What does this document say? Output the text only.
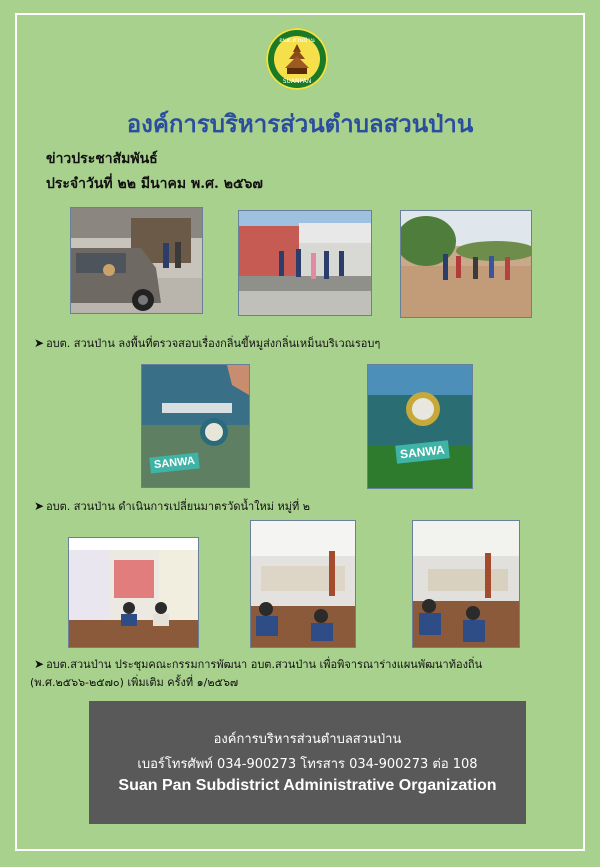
อบต.สวนป่าน
SUANPAN
องค์การบริหารส่วนตำบลสวนป่าน
ข่าวประชาสัมพันธ์
ประจำวันที่ ๒๒ มีนาคม พ.ศ. ๒๕๖๗
➤ อบต. สวนป่าน ลงพื้นที่ตรวจสอบเรื่องกลิ่นขี้หมูส่งกลิ่นเหม็นบริเวณรอบๆ
SANWA
SANWA
➤ อบต. สวนป่าน ดำเนินการเปลี่ยนมาตรวัดน้ำใหม่ หมู่ที่ ๒
➤ อบต.สวนป่าน ประชุมคณะกรรมการพัฒนา อบต.สวนป่าน เพื่อพิจารณาร่างแผนพัฒนาท้องถิ่น
(พ.ศ.๒๕๖๖-๒๕๗๐) เพิ่มเติม ครั้งที่ ๑/๒๕๖๗
องค์การบริหารส่วนตำบลสวนป่าน
เบอร์โทรศัพท์ 034-900273 โทรสาร 034-900273 ต่อ 108
Suan Pan Subdistrict Administrative Organization
